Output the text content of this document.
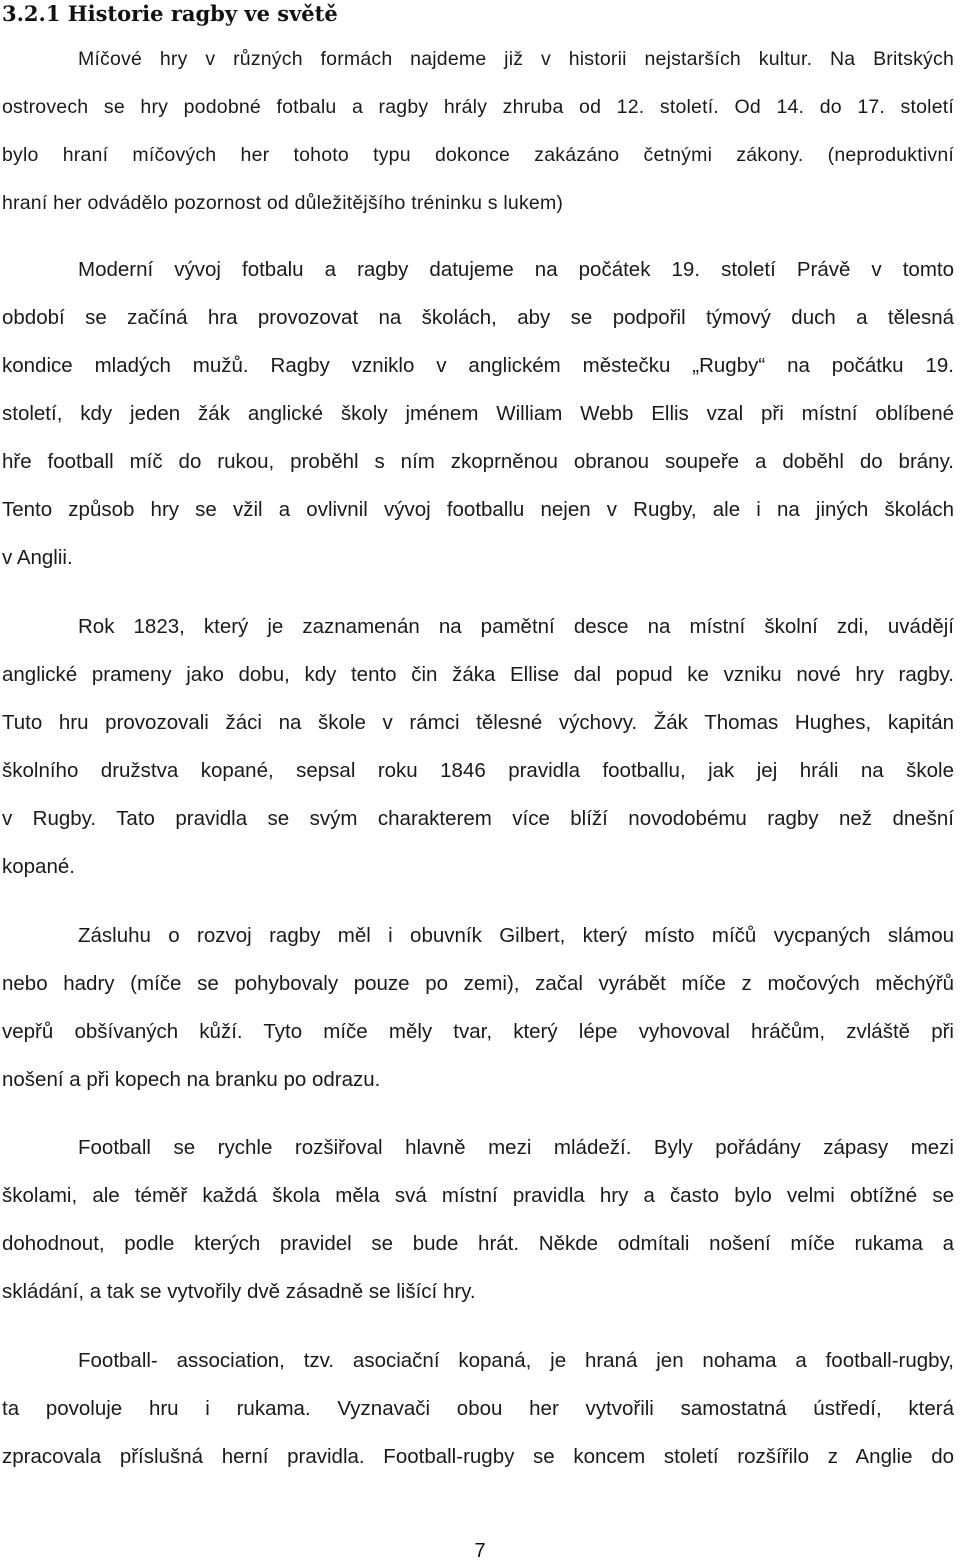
3.2.1 Historie ragby ve světě
Míčové hry v různých formách najdeme již v historii nejstarších kultur. Na Britských
ostrovech se hry podobné fotbalu a ragby hrály zhruba od 12. století. Od 14. do 17. století
bylo hraní míčových her tohoto typu dokonce zakázáno četnými zákony. (neproduktivní
hraní her odvádělo pozornost od důležitějšího tréninku s lukem)
Moderní vývoj fotbalu a ragby datujeme na počátek 19. století Právě v tomto
období se začíná hra provozovat na školách, aby se podpořil týmový duch a tělesná
kondice mladých mužů. Ragby vzniklo v anglickém městečku „Rugby“ na počátku 19.
století, kdy jeden žák anglické školy jménem William Webb Ellis vzal při místní oblíbené
hře football míč do rukou, proběhl s ním zkoprněnou obranou soupeře a doběhl do brány.
Tento způsob hry se vžil a ovlivnil vývoj footballu nejen v Rugby, ale i na jiných školách
v Anglii.
Rok 1823, který je zaznamenán na pamětní desce na místní školní zdi, uvádějí
anglické prameny jako dobu, kdy tento čin žáka Ellise dal popud ke vzniku nové hry ragby.
Tuto hru provozovali žáci na škole v rámci tělesné výchovy. Žák Thomas Hughes, kapitán
školního družstva kopané, sepsal roku 1846 pravidla footballu, jak jej hráli na škole
v Rugby. Tato pravidla se svým charakterem více blíží novodobému ragby než dnešní
kopané.
Zásluhu o rozvoj ragby měl i obuvník Gilbert, který místo míčů vycpaných slámou
nebo hadry (míče se pohybovaly pouze po zemi), začal vyrábět míče z močových měchýřů
vepřů obšívaných kůží. Tyto míče měly tvar, který lépe vyhovoval hráčům, zvláště při
nošení a při kopech na branku po odrazu.
Football se rychle rozšiřoval hlavně mezi mládeží. Byly pořádány zápasy mezi
školami, ale téměř každá škola měla svá místní pravidla hry a často bylo velmi obtížné se
dohodnout, podle kterých pravidel se bude hrát. Někde odmítali nošení míče rukama a
skládání, a tak se vytvořily dvě zásadně se lišící hry.
Football- association, tzv. asociační kopaná, je hraná jen nohama a football-rugby,
ta povoluje hru i rukama. Vyznavači obou her vytvořili samostatná ústředí, která
zpracovala příslušná herní pravidla. Football-rugby se koncem století rozšířilo z Anglie do
7
